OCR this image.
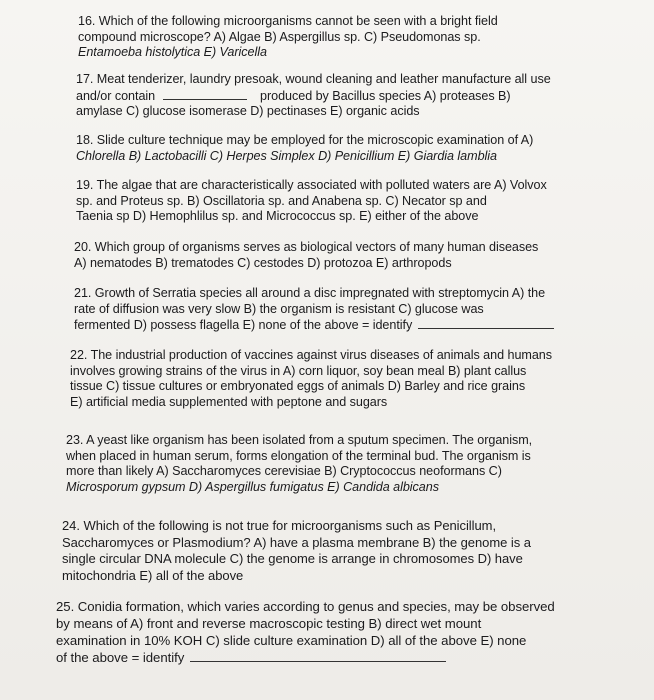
16. Which of the following microorganisms cannot be seen with a bright field
compound microscope? A) Algae B) Aspergillus sp. C) Pseudomonas sp.
Entamoeba histolytica E) Varicella
17. Meat tenderizer, laundry presoak, wound cleaning and leather manufacture all use
and/or contain	produced by Bacillus species A) proteases B)
amylase C) glucose isomerase D) pectinases E) organic acids
18. Slide culture technique may be employed for the microscopic examination of A)
Chlorella B) Lactobacilli C) Herpes Simplex D) Penicillium E) Giardia lamblia
19. The algae that are characteristically associated with polluted waters are A) Volvox
sp. and Proteus sp. B) Oscillatoria sp. and Anabena sp. C) Necator sp and
Taenia sp D) Hemophlilus sp. and Micrococcus sp. E) either of the above
20. Which group of organisms serves as biological vectors of many human diseases
A) nematodes B) trematodes C) cestodes D) protozoa E) arthropods
21. Growth of Serratia species all around a disc impregnated with streptomycin A) the
rate of diffusion was very slow B) the organism is resistant C) glucose was
fermented D) possess flagella E) none of the above = identify
22. The industrial production of vaccines against virus diseases of animals and humans
involves growing strains of the virus in A) corn liquor, soy bean meal B) plant callus
tissue C) tissue cultures or embryonated eggs of animals D) Barley and rice grains
E) artificial media supplemented with peptone and sugars
23. A yeast like organism has been isolated from a sputum specimen. The organism,
when placed in human serum, forms elongation of the terminal bud. The organism is
more than likely A) Saccharomyces cerevisiae B) Cryptococcus neoformans C)
Microsporum gypsum D) Aspergillus fumigatus E) Candida albicans
24. Which of the following is not true for microorganisms such as Penicillum,
Saccharomyces or Plasmodium? A) have a plasma membrane B) the genome is a
single circular DNA molecule C) the genome is arrange in chromosomes D) have
mitochondria E) all of the above
25. Conidia formation, which varies according to genus and species, may be observed
by means of A) front and reverse macroscopic testing B) direct wet mount
examination in 10% KOH C) slide culture examination D) all of the above E) none
of the above = identify
